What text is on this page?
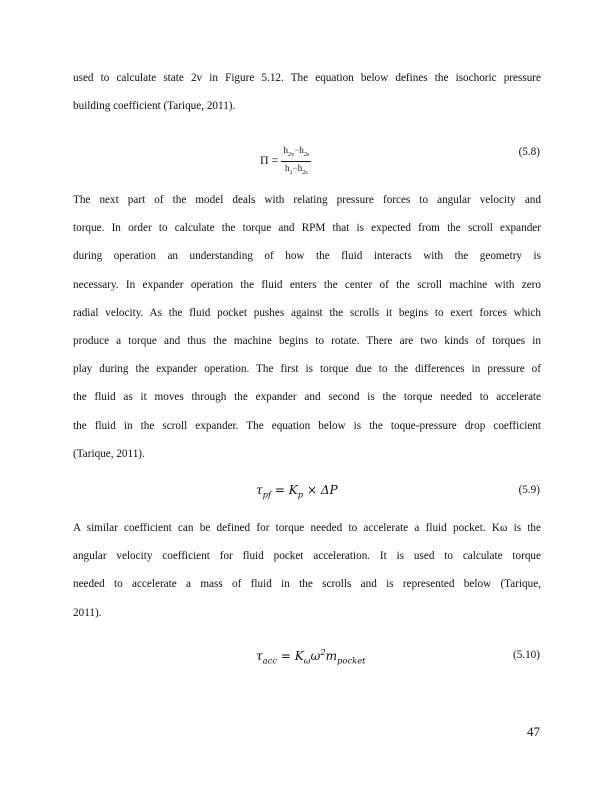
used to calculate state 2v in Figure 5.12. The equation below defines the isochoric pressure
building coefficient (Tarique, 2011).
$\Pi = \frac{h_{2v}-h_{2s}}{h_1-h_{2s}}$	(5.8)
The next part of the model deals with relating pressure forces to angular velocity and
torque. In order to calculate the torque and RPM that is expected from the scroll expander
during operation an understanding of how the fluid interacts with the geometry is
necessary. In expander operation the fluid enters the center of the scroll machine with zero
radial velocity. As the fluid pocket pushes against the scrolls it begins to exert forces which
produce a torque and thus the machine begins to rotate. There are two kinds of torques in
play during the expander operation. The first is torque due to the differences in pressure of
the fluid as it moves through the expander and second is the torque needed to accelerate
the fluid in the scroll expander. The equation below is the toque-pressure drop coefficient
(Tarique, 2011).
$\tau_{pf} = K_p \times \Delta P$	(5.9)
A similar coefficient can be defined for torque needed to accelerate a fluid pocket. Kω is the
angular velocity coefficient for fluid pocket acceleration. It is used to calculate torque
needed to accelerate a mass of fluid in the scrolls and is represented below (Tarique,
2011).
$\tau_{acc} = K_\omega\omega^2m_{pocket}$	(5.10)
47
